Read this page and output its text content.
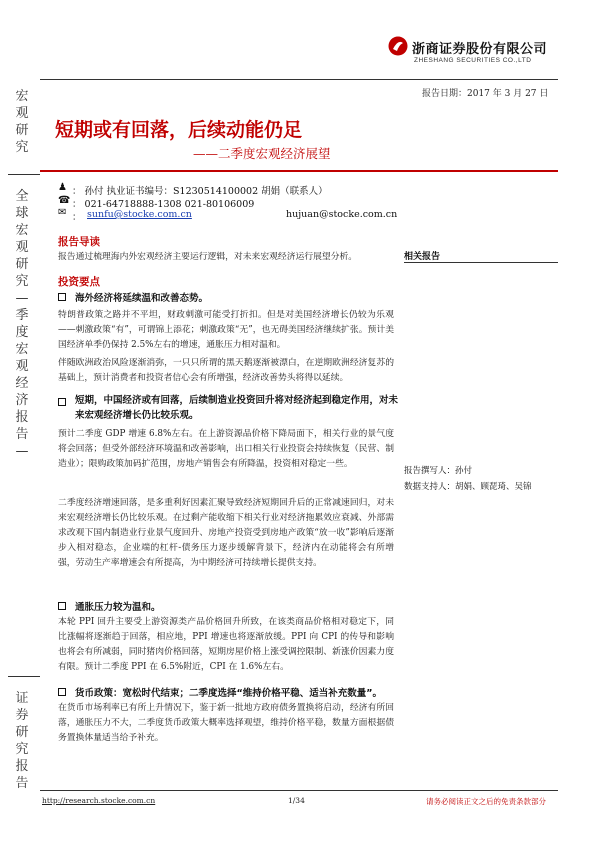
浙商证券股份有限公司
ZHESHANG SECURITIES CO.,LTD
报告日期：2017 年 3 月 27 日
宏观研究
全球宏观研究—季度宏观经济报告—
证券研究报告
短期或有回落，后续动能仍足
——二季度宏观经济展望
♟ ： 孙付 执业证书编号：S1230514100002 胡娟（联系人）
☎ ： 021-64718888-1308 021-80106009
✉ ： sunfu@stocke.com.cn	hujuan@stocke.com.cn
报告导读
报告通过梳理海内外宏观经济主要运行逻辑，对未来宏观经济运行展望分析。
投资要点
海外经济将延续温和改善态势。
特朗普政策之路并不平坦，财政刺激可能受打折扣。但是对美国经济增长仍较为乐观——刺激政策“有”，可谓锦上添花；刺激政策“无”，也无碍美国经济继续扩张。预计美国经济单季仍保持 2.5%左右的增速，通胀压力相对温和。
伴随欧洲政治风险逐渐消弥，一只只所谓的黑天鹅逐渐被漂白，在逆期欧洲经济复苏的基础上，预计消费者和投资者信心会有所增强，经济改善势头将得以延续。
短期，中国经济或有回落，后续制造业投资回升将对经济起到稳定作用，对未来宏观经济增长仍比较乐观。
预计二季度 GDP 增速 6.8%左右。在上游资源品价格下降局面下，相关行业的景气度将会回落；但受外部经济环境温和改善影响，出口相关行业投资会持续恢复（民营、制造业）；限购政策加码扩范围，房地产销售会有所降温，投资相对稳定一些。
二季度经济增速回落，是多重利好因素汇聚导致经济短期回升后的正常减速回归，对未来宏观经济增长仍比较乐观。在过剩产能收缩下相关行业对经济拖累效应衰减、外部需求改观下国内制造业行业景气度回升、房地产投资受到房地产政策“放一收”影响后逐渐步入相对稳态，企业端的杠杆-债务压力逐步缓解背景下，经济内在动能将会有所增强，劳动生产率增速会有所提高，为中期经济可持续增长提供支持。
通胀压力较为温和。
本轮 PPI 回升主要受上游资源类产品价格回升所致，在该类商品价格相对稳定下，同比涨幅将逐渐趋于回落，相应地，PPI 增速也将逐渐放缓。PPI 向 CPI 的传导和影响也将会有所减弱，同时猪肉价格回落，短期房屋价格上涨受调控限制、新涨价因素力度有限。预计二季度 PPI 在 6.5%附近，CPI 在 1.6%左右。
货币政策：宽松时代结束；二季度选择“维持价格平稳、适当补充数量”。
在货币市场利率已有所上升情况下，鉴于新一批地方政府债务置换将启动，经济有所回落，通胀压力不大，二季度货币政策大概率选择观望，维持价格平稳，数量方面根据债务置换体量适当给予补充。
相关报告
报告撰写人：孙付
数据支持人：胡娟、顾琵琦、吴锦
http://research.stocke.com.cn	1/34	请务必阅读正文之后的免责条款部分
